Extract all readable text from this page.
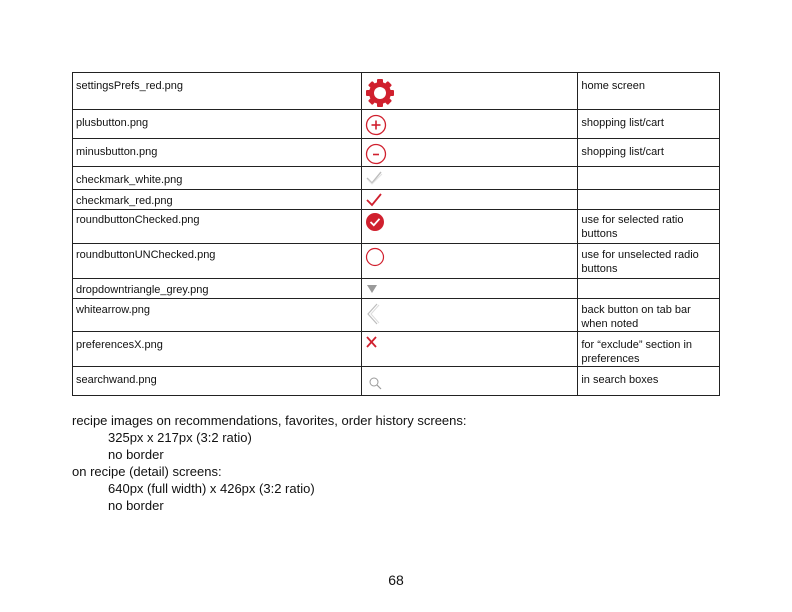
settingsPrefs_red.png		home screen

plusbutton.png		shopping list/cart

minusbutton.png		shopping list/cart

checkmark_white.png

checkmark_red.png

roundbuttonChecked.png		use for selected ratio buttons

roundbuttonUNChecked.png		use for unselected radio buttons

dropdowntriangle_grey.png

whitearrow.png		back button on tab bar when noted

preferencesX.png		for “exclude” section in preferences

searchwand.png		in search boxes
recipe images on recommendations, favorites, order history screens:
325px x 217px (3:2 ratio)
no border
on recipe (detail) screens:
640px (full width) x 426px (3:2 ratio)
no border
68
